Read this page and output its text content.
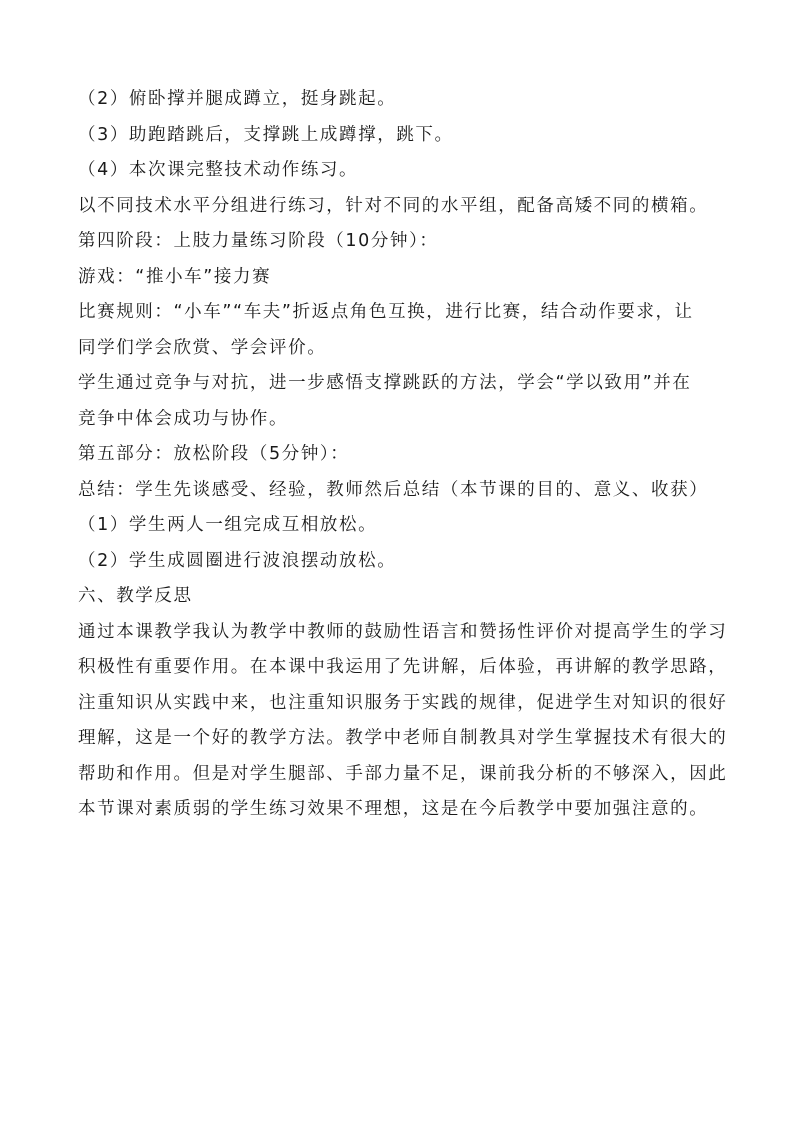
（2）俯卧撑并腿成蹲立，挺身跳起。
（3）助跑踏跳后，支撑跳上成蹲撑，跳下。
（4）本次课完整技术动作练习。
以不同技术水平分组进行练习，针对不同的水平组，配备高矮不同的横箱。
第四阶段：上肢力量练习阶段（10分钟）：
游戏：“推小车”接力赛
比赛规则：“小车”“车夫”折返点角色互换，进行比赛，结合动作要求，让
同学们学会欣赏、学会评价。
学生通过竞争与对抗，进一步感悟支撑跳跃的方法，学会“学以致用”并在
竞争中体会成功与协作。
第五部分：放松阶段（5分钟）：
总结：学生先谈感受、经验，教师然后总结（本节课的目的、意义、收获）
（1）学生两人一组完成互相放松。
（2）学生成圆圈进行波浪摆动放松。
六、教学反思
通过本课教学我认为教学中教师的鼓励性语言和赞扬性评价对提高学生的学习
积极性有重要作用。在本课中我运用了先讲解，后体验，再讲解的教学思路，
注重知识从实践中来，也注重知识服务于实践的规律，促进学生对知识的很好
理解，这是一个好的教学方法。教学中老师自制教具对学生掌握技术有很大的
帮助和作用。但是对学生腿部、手部力量不足，课前我分析的不够深入，因此
本节课对素质弱的学生练习效果不理想，这是在今后教学中要加强注意的。
